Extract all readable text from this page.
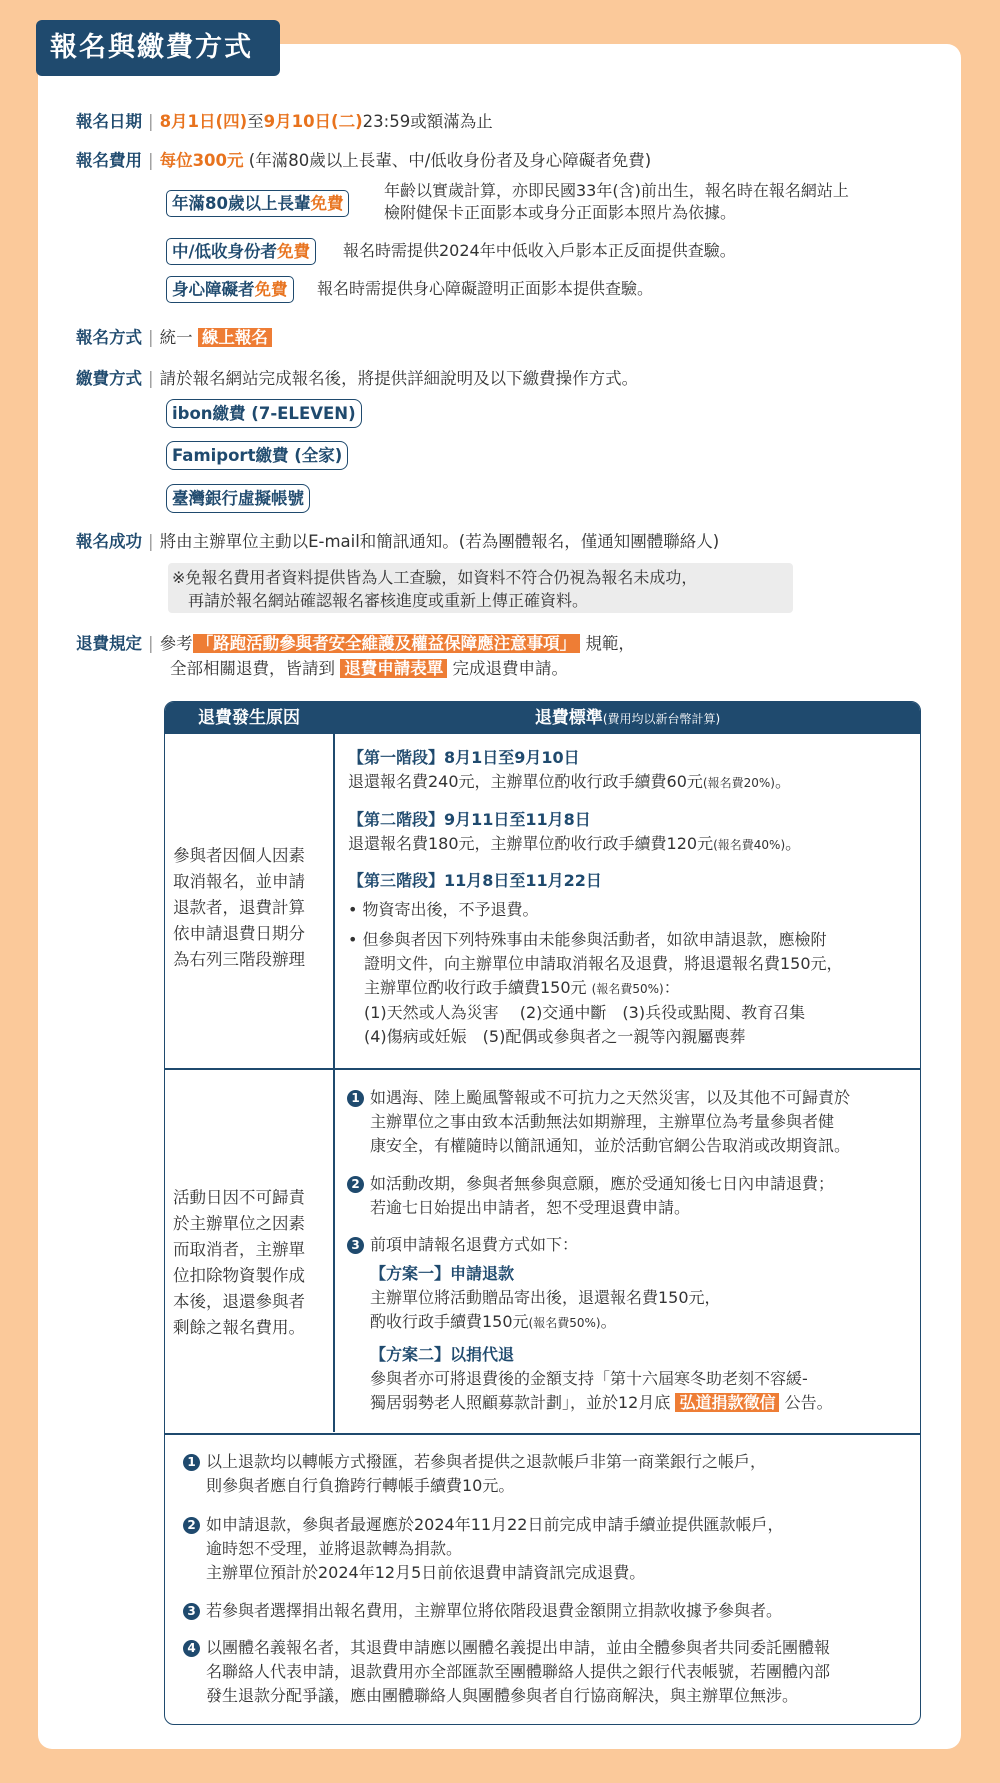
報名與繳費方式
報名日期 | 8月1日(四)至9月10日(二)23:59或額滿為止
報名費用 | 每位300元 (年滿80歲以上長輩、中/低收身份者及身心障礙者免費)
年滿80歲以上長輩免費
年齡以實歲計算，亦即民國33年(含)前出生，報名時在報名網站上
檢附健保卡正面影本或身分正面影本照片為依據。
中/低收身份者免費	報名時需提供2024年中低收入戶影本正反面提供查驗。
身心障礙者免費	報名時需提供身心障礙證明正面影本提供查驗。
報名方式 | 統一 線上報名
繳費方式 | 請於報名網站完成報名後，將提供詳細說明及以下繳費操作方式。
ibon繳費 (7-ELEVEN)
Famiport繳費 (全家)
臺灣銀行虛擬帳號
報名成功 | 將由主辦單位主動以E-mail和簡訊通知。(若為團體報名，僅通知團體聯絡人)
※免報名費用者資料提供皆為人工查驗，如資料不符合仍視為報名未成功，
　再請於報名網站確認報名審核進度或重新上傳正確資料。
退費規定 | 參考 「路跑活動參與者安全維護及權益保障應注意事項」 規範，
全部相關退費，皆請到 退費申請表單 完成退費申請。
退費發生原因	退費標準(費用均以新台幣計算)
參與者因個人因素
取消報名，並申請
退款者，退費計算
依申請退費日期分
為右列三階段辦理
【第一階段】8月1日至9月10日
退還報名費240元，主辦單位酌收行政手續費60元(報名費20%)。
【第二階段】9月11日至11月8日
退還報名費180元，主辦單位酌收行政手續費120元(報名費40%)。
【第三階段】11月8日至11月22日
• 物資寄出後，不予退費。
• 但參與者因下列特殊事由未能參與活動者，如欲申請退款，應檢附
證明文件，向主辦單位申請取消報名及退費，將退還報名費150元，
主辦單位酌收行政手續費150元 (報名費50%)：
(1)天然或人為災害　 (2)交通中斷　(3)兵役或點閱、教育召集
(4)傷病或妊娠　(5)配偶或參與者之一親等內親屬喪葬
活動日因不可歸責
於主辦單位之因素
而取消者，主辦單
位扣除物資製作成
本後，退還參與者
剩餘之報名費用。
1 如遇海、陸上颱風警報或不可抗力之天然災害，以及其他不可歸責於
主辦單位之事由致本活動無法如期辦理，主辦單位為考量參與者健
康安全，有權隨時以簡訊通知，並於活動官網公告取消或改期資訊。
2 如活動改期，參與者無參與意願，應於受通知後七日內申請退費；
若逾七日始提出申請者，恕不受理退費申請。
3 前項申請報名退費方式如下：
【方案一】申請退款
主辦單位將活動贈品寄出後，退還報名費150元，
酌收行政手續費150元(報名費50%)。
【方案二】以捐代退
參與者亦可將退費後的金額支持「第十六屆寒冬助老刻不容緩-
獨居弱勢老人照顧募款計劃」，並於12月底 弘道捐款徵信 公告。
1 以上退款均以轉帳方式撥匯，若參與者提供之退款帳戶非第一商業銀行之帳戶，
則參與者應自行負擔跨行轉帳手續費10元。
2 如申請退款，參與者最遲應於2024年11月22日前完成申請手續並提供匯款帳戶，
逾時恕不受理，並將退款轉為捐款。
主辦單位預計於2024年12月5日前依退費申請資訊完成退費。
3 若參與者選擇捐出報名費用，主辦單位將依階段退費金額開立捐款收據予參與者。
4 以團體名義報名者，其退費申請應以團體名義提出申請，並由全體參與者共同委託團體報
名聯絡人代表申請，退款費用亦全部匯款至團體聯絡人提供之銀行代表帳號，若團體內部
發生退款分配爭議，應由團體聯絡人與團體參與者自行協商解決，與主辦單位無涉。
